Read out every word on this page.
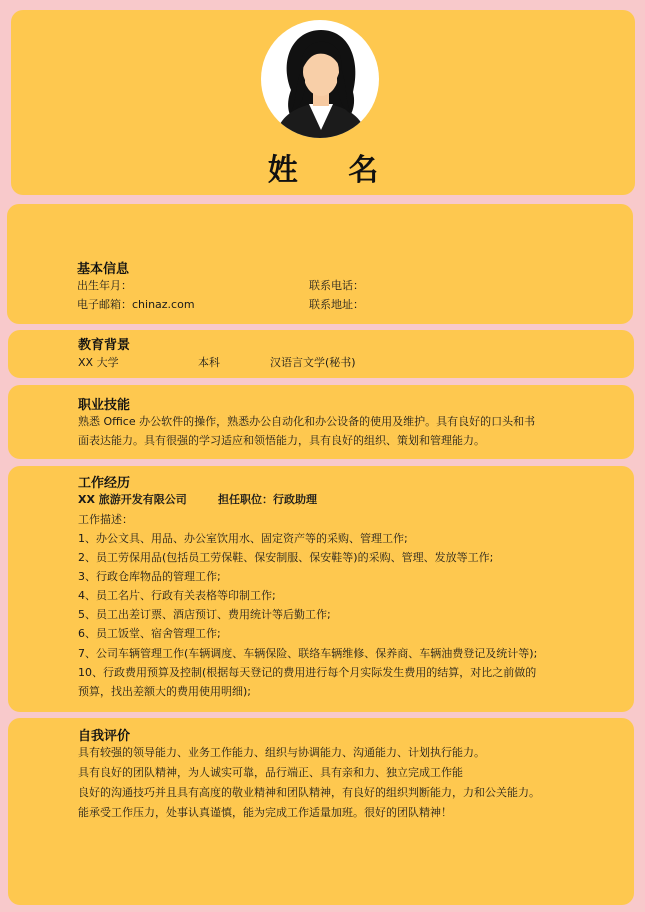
姓 名
基本信息
出生年月：	联系电话：
电子邮箱：chinaz.com	联系地址：
教育背景
XX 大学	本科	汉语言文学(秘书)
职业技能
熟悉 Office 办公软件的操作，熟悉办公自动化和办公设备的使用及维护。具有良好的口头和书
面表达能力。具有很强的学习适应和领悟能力，具有良好的组织、策划和管理能力。
工作经历
XX 旅游开发有限公司	担任职位：行政助理
工作描述：
1、办公文具、用品、办公室饮用水、固定资产等的采购、管理工作;
2、员工劳保用品(包括员工劳保鞋、保安制服、保安鞋等)的采购、管理、发放等工作;
3、行政仓库物品的管理工作;
4、员工名片、行政有关表格等印制工作;
5、员工出差订票、酒店预订、费用统计等后勤工作;
6、员工饭堂、宿舍管理工作;
7、公司车辆管理工作(车辆调度、车辆保险、联络车辆维修、保养商、车辆油费登记及统计等);
10、行政费用预算及控制(根据每天登记的费用进行每个月实际发生费用的结算，对比之前做的
预算，找出差额大的费用使用明细);
自我评价
具有较强的领导能力、业务工作能力、组织与协调能力、沟通能力、计划执行能力。
具有良好的团队精神，为人诚实可靠，品行端正、具有亲和力、独立完成工作能
良好的沟通技巧并且具有高度的敬业精神和团队精神，有良好的组织判断能力，力和公关能力。
能承受工作压力，处事认真谨慎，能为完成工作适量加班。很好的团队精神！
